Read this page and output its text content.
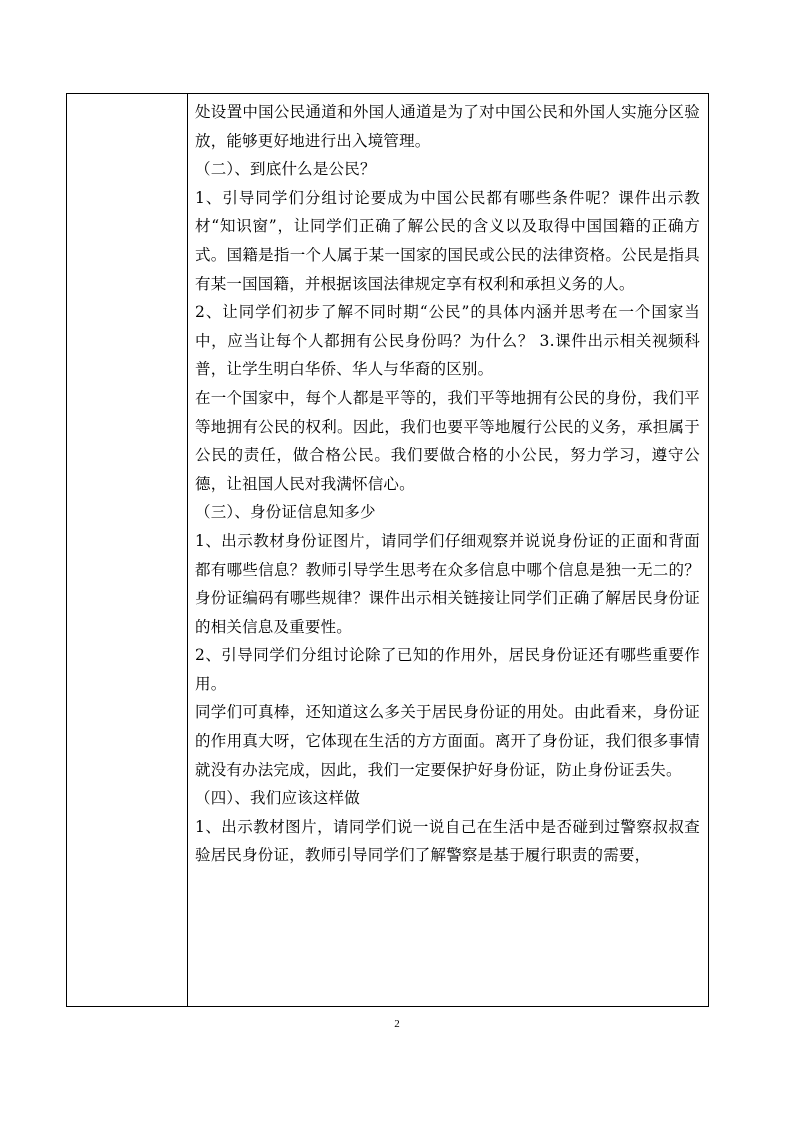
处设置中国公民通道和外国人通道是为了对中国公民和外国人实施分区验放，能够更好地进行出入境管理。

（二）、到底什么是公民？

1、引导同学们分组讨论要成为中国公民都有哪些条件呢？课件出示教材“知识窗”，让同学们正确了解公民的含义以及取得中国国籍的正确方式。国籍是指一个人属于某一国家的国民或公民的法律资格。公民是指具有某一国国籍，并根据该国法律规定享有权利和承担义务的人。

2、让同学们初步了解不同时期“公民”的具体内涵并思考在一个国家当中，应当让每个人都拥有公民身份吗？为什么？ 3.课件出示相关视频科普，让学生明白华侨、华人与华裔的区别。

在一个国家中，每个人都是平等的，我们平等地拥有公民的身份，我们平等地拥有公民的权利。因此，我们也要平等地履行公民的义务，承担属于公民的责任，做合格公民。我们要做合格的小公民，努力学习，遵守公德，让祖国人民对我满怀信心。

（三）、身份证信息知多少

1、出示教材身份证图片，请同学们仔细观察并说说身份证的正面和背面都有哪些信息？教师引导学生思考在众多信息中哪个信息是独一无二的？身份证编码有哪些规律？课件出示相关链接让同学们正确了解居民身份证的相关信息及重要性。

2、引导同学们分组讨论除了已知的作用外，居民身份证还有哪些重要作用。

同学们可真棒，还知道这么多关于居民身份证的用处。由此看来，身份证的作用真大呀，它体现在生活的方方面面。离开了身份证，我们很多事情就没有办法完成，因此，我们一定要保护好身份证，防止身份证丢失。

（四）、我们应该这样做

1、出示教材图片，请同学们说一说自己在生活中是否碰到过警察叔叔查验居民身份证，教师引导同学们了解警察是基于履行职责的需要，

2
